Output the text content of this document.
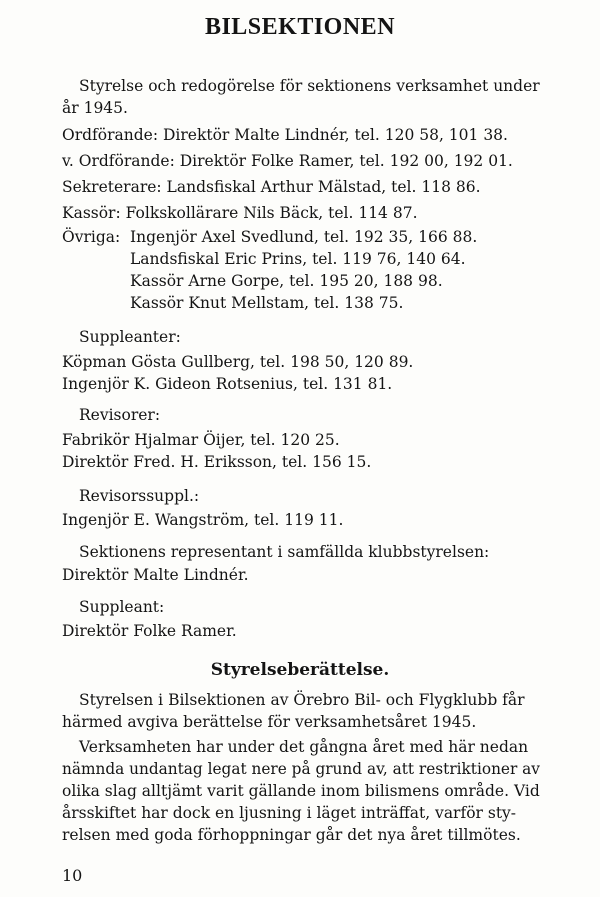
BILSEKTIONEN
Styrelse och redogörelse för sektionens verksamhet under
år 1945.
Ordförande: Direktör Malte Lindnér, tel. 120 58, 101 38.
v. Ordförande: Direktör Folke Ramer, tel. 192 00, 192 01.
Sekreterare: Landsfiskal Arthur Mälstad, tel. 118 86.
Kassör: Folkskollärare Nils Bäck, tel. 114 87.
Övriga: Ingenjör Axel Svedlund, tel. 192 35, 166 88.
Landsfiskal Eric Prins, tel. 119 76, 140 64.
Kassör Arne Gorpe, tel. 195 20, 188 98.
Kassör Knut Mellstam, tel. 138 75.
Suppleanter:
Köpman Gösta Gullberg, tel. 198 50, 120 89.
Ingenjör K. Gideon Rotsenius, tel. 131 81.
Revisorer:
Fabrikör Hjalmar Öijer, tel. 120 25.
Direktör Fred. H. Eriksson, tel. 156 15.
Revisorssuppl.:
Ingenjör E. Wangström, tel. 119 11.
Sektionens representant i samfällda klubbstyrelsen:
Direktör Malte Lindnér.
Suppleant:
Direktör Folke Ramer.
Styrelseberättelse.
Styrelsen i Bilsektionen av Örebro Bil- och Flygklubb får
härmed avgiva berättelse för verksamhetsåret 1945.
Verksamheten har under det gångna året med här nedan
nämnda undantag legat nere på grund av, att restriktioner av
olika slag alltjämt varit gällande inom bilismens område. Vid
årsskiftet har dock en ljusning i läget inträffat, varför sty-
relsen med goda förhoppningar går det nya året tillmötes.
10
